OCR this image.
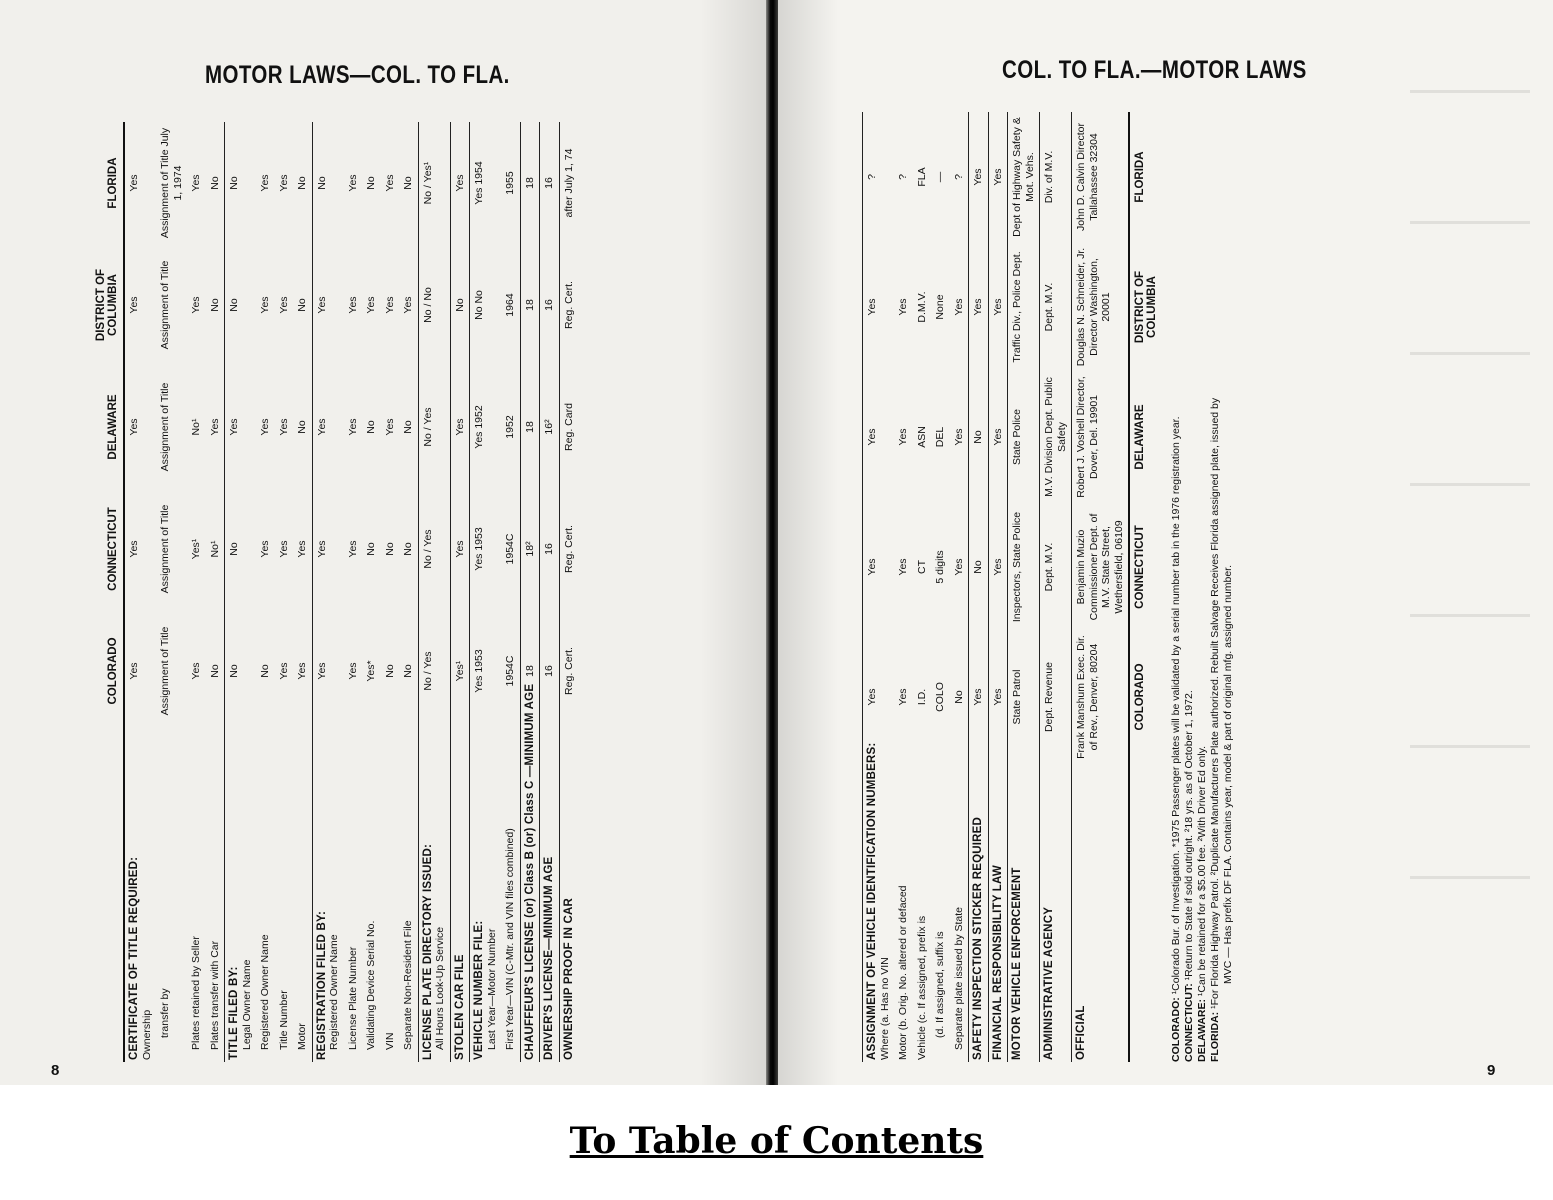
MOTOR LAWS—COL. TO FLA.
8
COL. TO FLA.—MOTOR LAWS
9
	COLORADO	CONNECTICUT	DELAWARE	DISTRICT OF COLUMBIA	FLORIDA

CERTIFICATE OF TITLE REQUIRED: Ownership	Yes	Yes	Yes	Yes	Yes

transfer by	Assignment of Title	Assignment of Title	Assignment of Title	Assignment of Title	Assignment of Title July 1, 1974

Plates retained by Seller	Yes	Yes¹	No¹	Yes	Yes

Plates transfer with Car	No	No¹	Yes	No	No

TITLE FILED BY: Legal Owner Name	No	No	Yes	No	No

Registered Owner Name	No	Yes	Yes	Yes	Yes

Title Number	Yes	Yes	Yes	Yes	Yes

Motor	Yes	Yes	No	No	No

REGISTRATION FILED BY: Registered Owner Name	Yes	Yes	Yes	Yes	No

License Plate Number	Yes	Yes	Yes	Yes	Yes

Validating Device Serial No.	Yes*	No	No	Yes	No

VIN	No	No	Yes	Yes	Yes

Separate Non-Resident File	No	No	No	Yes	No

LICENSE PLATE DIRECTORY ISSUED: All Hours Look-Up Service	No / Yes	No / Yes	No / Yes	No / No	No / Yes¹

STOLEN CAR FILE	Yes¹	Yes	Yes	No	Yes

VEHICLE NUMBER FILE: Last Year—Motor Number	Yes 1953	Yes 1953	Yes 1952	No No	Yes 1954

First Year—VIN (C-Mtr. and VIN files combined)	1954C	1954C	1952	1964	1955

CHAUFFEUR'S LICENSE (or) Class B (or) Class C —MINIMUM AGE	18	18²	18	18	18

DRIVER'S LICENSE—MINIMUM AGE	16	16	16²	16	16

OWNERSHIP PROOF IN CAR	Reg. Cert.	Reg. Cert.	Reg. Card	Reg. Cert.	after July 1, 74
ASSIGNMENT OF VEHICLE IDENTIFICATION NUMBERS: Where (a. Has no VIN	Yes	Yes	Yes	Yes	?

Motor (b. Orig. No. altered or defaced	Yes	Yes	Yes	Yes	?

Vehicle (c. If assigned, prefix is	I.D.	CT	ASN	D.M.V.	FLA

(d. If assigned, suffix is	COLO	5 digits	DEL	None	—

Separate plate issued by State	No	Yes	Yes	Yes	?

SAFETY INSPECTION STICKER REQUIRED	Yes	No	No	Yes	Yes

FINANCIAL RESPONSIBILITY LAW	Yes	Yes	Yes	Yes	Yes

MOTOR VEHICLE ENFORCEMENT	State Patrol	Inspectors, State Police	State Police	Traffic Div., Police Dept.	Dept of Highway Safety & Mot. Vehs.

ADMINISTRATIVE AGENCY	Dept. Revenue	Dept. M.V.	M.V. Division Dept. Public Safety	Dept. M.V.	Div. of M.V.

OFFICIAL	Frank Manshum Exec. Dir. of Rev., Denver, 80204	Benjamin Muzio Commissioner Dept. of M.V. State Street, Wethersfield, 06109	Robert J. Voshell Director, Dover, Del. 19901	Douglas N. Schneider, Jr. Director Washington, 20001	John D. Calvin Director Tallahassee 32304

	COLORADO	CONNECTICUT	DELAWARE	DISTRICT OF COLUMBIA	FLORIDA
COLORADO: ¹Colorado Bur. of Investigation. *1975 Passenger plates will be validated by a serial number tab in the 1976 registration year.
CONNECTICUT: ¹Return to State if sold outright. ²18 yrs. as of October 1, 1972.
DELAWARE: ¹Can be retained for a $5.00 fee. ²With Driver Ed only.
FLORIDA: ¹For Florida Highway Patrol. ²Duplicate Manufacturers Plate authorized. Rebuilt Salvage Receives Florida assigned plate, issued by MVC — Has prefix DF FLA. Contains year, model & part of original mfg. assigned number.
To Table of Contents
